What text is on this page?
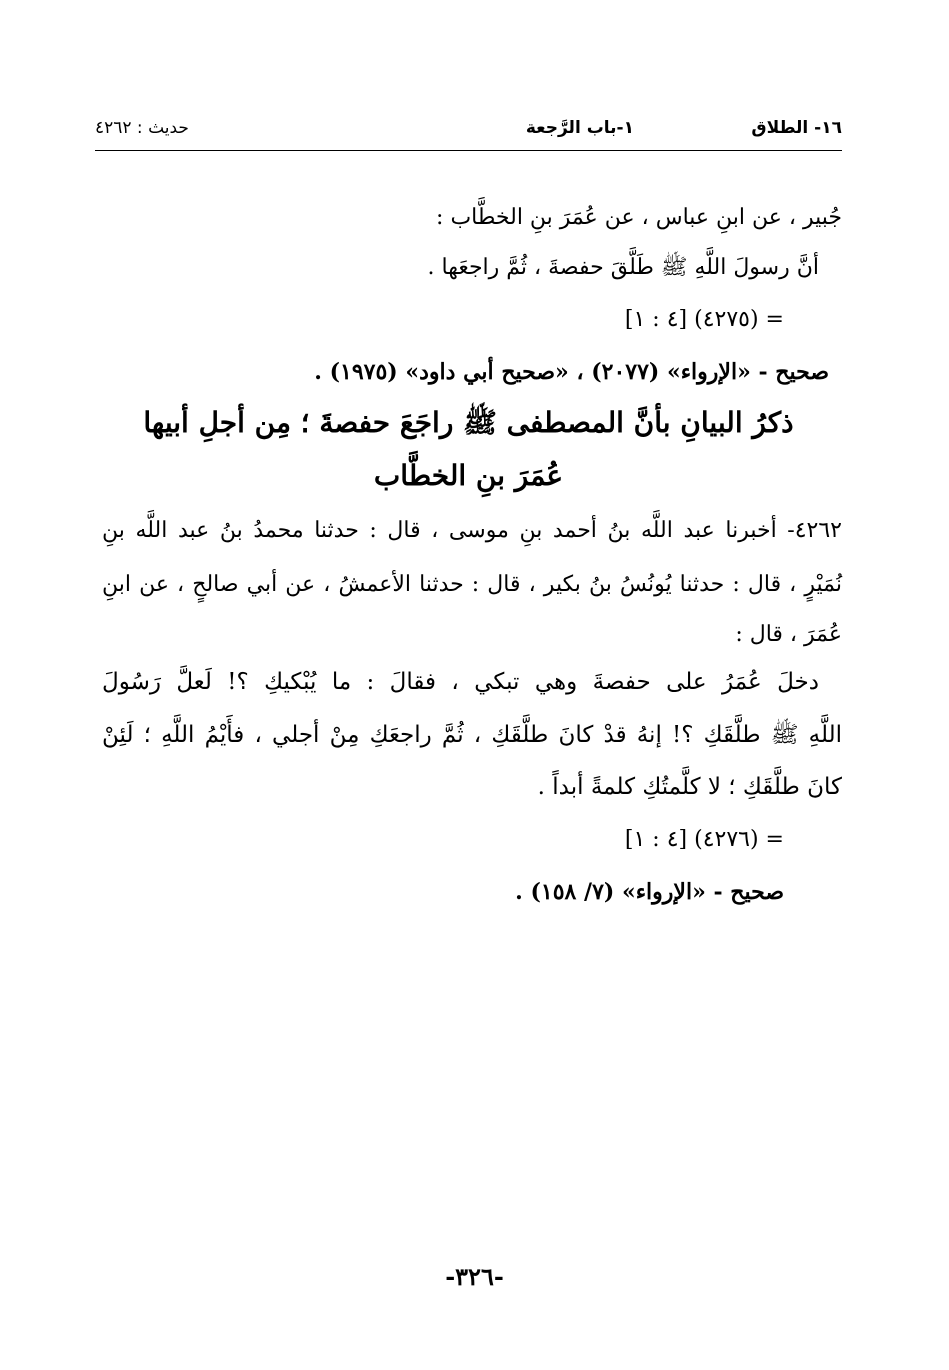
١٦- الطلاق
١-باب الرَّجعة
حديث : ٤٢٦٢
جُبير ، عن ابنِ عباس ، عن عُمَرَ بنِ الخطَّاب :
أنَّ رسولَ اللَّهِ ﷺ طَلَّقَ حفصةَ ، ثُمَّ راجعَها .
= (٤٢٧٥) [٤ : ١]
صحيح - «الإرواء» (٢٠٧٧) ، «صحيح أبي داود» (١٩٧٥) .
ذكرُ البيانِ بأنَّ المصطفى ﷺ راجَعَ حفصةَ ؛ مِن أجلِ أبيها
عُمَرَ بنِ الخطَّاب
٤٢٦٢- أخبرنا عبد اللَّه بنُ أحمد بنِ موسى ، قال : حدثنا محمدُ بنُ عبد اللَّه بنِ
نُمَيْرٍ ، قال : حدثنا يُونُسُ بنُ بكير ، قال : حدثنا الأعمشُ ، عن أبي صالحٍ ، عن ابنِ
عُمَرَ ، قال :
دخلَ عُمَرُ على حفصةَ وهي تبكي ، فقالَ : ما يُبْكيكِ ؟! لَعلَّ رَسُولَ
اللَّهِ ﷺ طلَّقَكِ ؟! إنهُ قدْ كانَ طلَّقَكِ ، ثُمَّ راجعَكِ مِنْ أجلي ، فأَيْمُ اللَّهِ ؛ لَئِنْ
كانَ طلَّقَكِ ؛ لا كلَّمتُكِ كلمةً أبداً .
= (٤٢٧٦) [٤ : ١]
صحيح - «الإرواء» (٧/ ١٥٨) .
-٣٢٦-
